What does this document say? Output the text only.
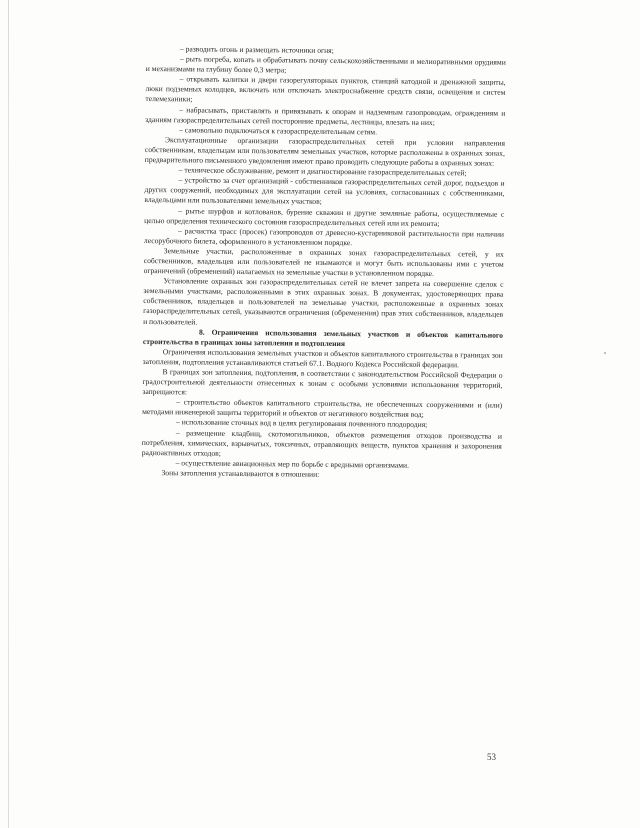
– разводить огонь и размещать источники огня;

– рыть погреба, копать и обрабатывать почву сельскохозяйственными и мелиоративными орудиями и механизмами на глубину более 0,3 метра;

– открывать калитки и двери газорегуляторных пунктов, станций катодной и дренажной защиты, люки подземных колодцев, включать или отключать электроснабжение средств связи, освещения и систем телемеханики;

– набрасывать, приставлять и привязывать к опорам и надземным газопроводам, ограждениям и зданиям газораспределительных сетей посторонние предметы, лестницы, влезать на них;

– самовольно подключаться к газораспределительным сетям.

Эксплуатационные организации газораспределительных сетей при условии направления собственникам, владельцам или пользователям земельных участков, которые расположены в охранных зонах, предварительного письменного уведомления имеют право проводить следующие работы в охранных зонах:

– техническое обслуживание, ремонт и диагностирование газораспределительных сетей;

– устройство за счет организаций - собственников газораспределительных сетей дорог, подъездов и других сооружений, необходимых для эксплуатации сетей на условиях, согласованных с собственниками, владельцами или пользователями земельных участков;

– рытье шурфов и котлованов, бурение скважин и другие земляные работы, осуществляемые с целью определения технического состояния газораспределительных сетей или их ремонта;

– расчистка трасс (просек) газопроводов от древесно-кустарниковой растительности при наличии лесорубочного билета, оформленного в установленном порядке.

Земельные участки, расположенные в охранных зонах газораспределительных сетей, у их собственников, владельцев или пользователей не изымаются и могут быть использованы ими с учетом ограничений (обременений) налагаемых на земельные участки в установленном порядке.

Установление охранных зон газораспределительных сетей не влечет запрета на совершение сделок с земельными участками, расположенными в этих охранных зонах. В документах, удостоверяющих права собственников, владельцев и пользователей на земельные участки, расположенные в охранных зонах газораспределительных сетей, указываются ограничения (обременения) прав этих собственников, владельцев и пользователей.

8. Ограничения использования земельных участков и объектов капитального строительства в границах зоны затопления и подтопления

Ограничения использования земельных участков и объектов капитального строительства в границах зон затопления, подтопления устанавливаются статьей 67.1. Водного Кодекса Российской федерации.

В границах зон затопления, подтопления, в соответствии с законодательством Российской Федерации о градостроительной деятельности отнесенных к зонам с особыми условиями использования территорий, запрещаются:

– строительство объектов капитального строительства, не обеспеченных сооружениями и (или) методами инженерной защиты территорий и объектов от негативного воздействия вод;

– использование сточных вод в целях регулирования почвенного плодородия;

– размещение кладбищ, скотомогильников, объектов размещения отходов производства и потребления, химических, взрывчатых, токсичных, отравляющих веществ, пунктов хранения и захоронения радиоактивных отходов;

– осуществление авиационных мер по борьбе с вредными организмами.

Зоны затопления устанавливаются в отношении:

53
